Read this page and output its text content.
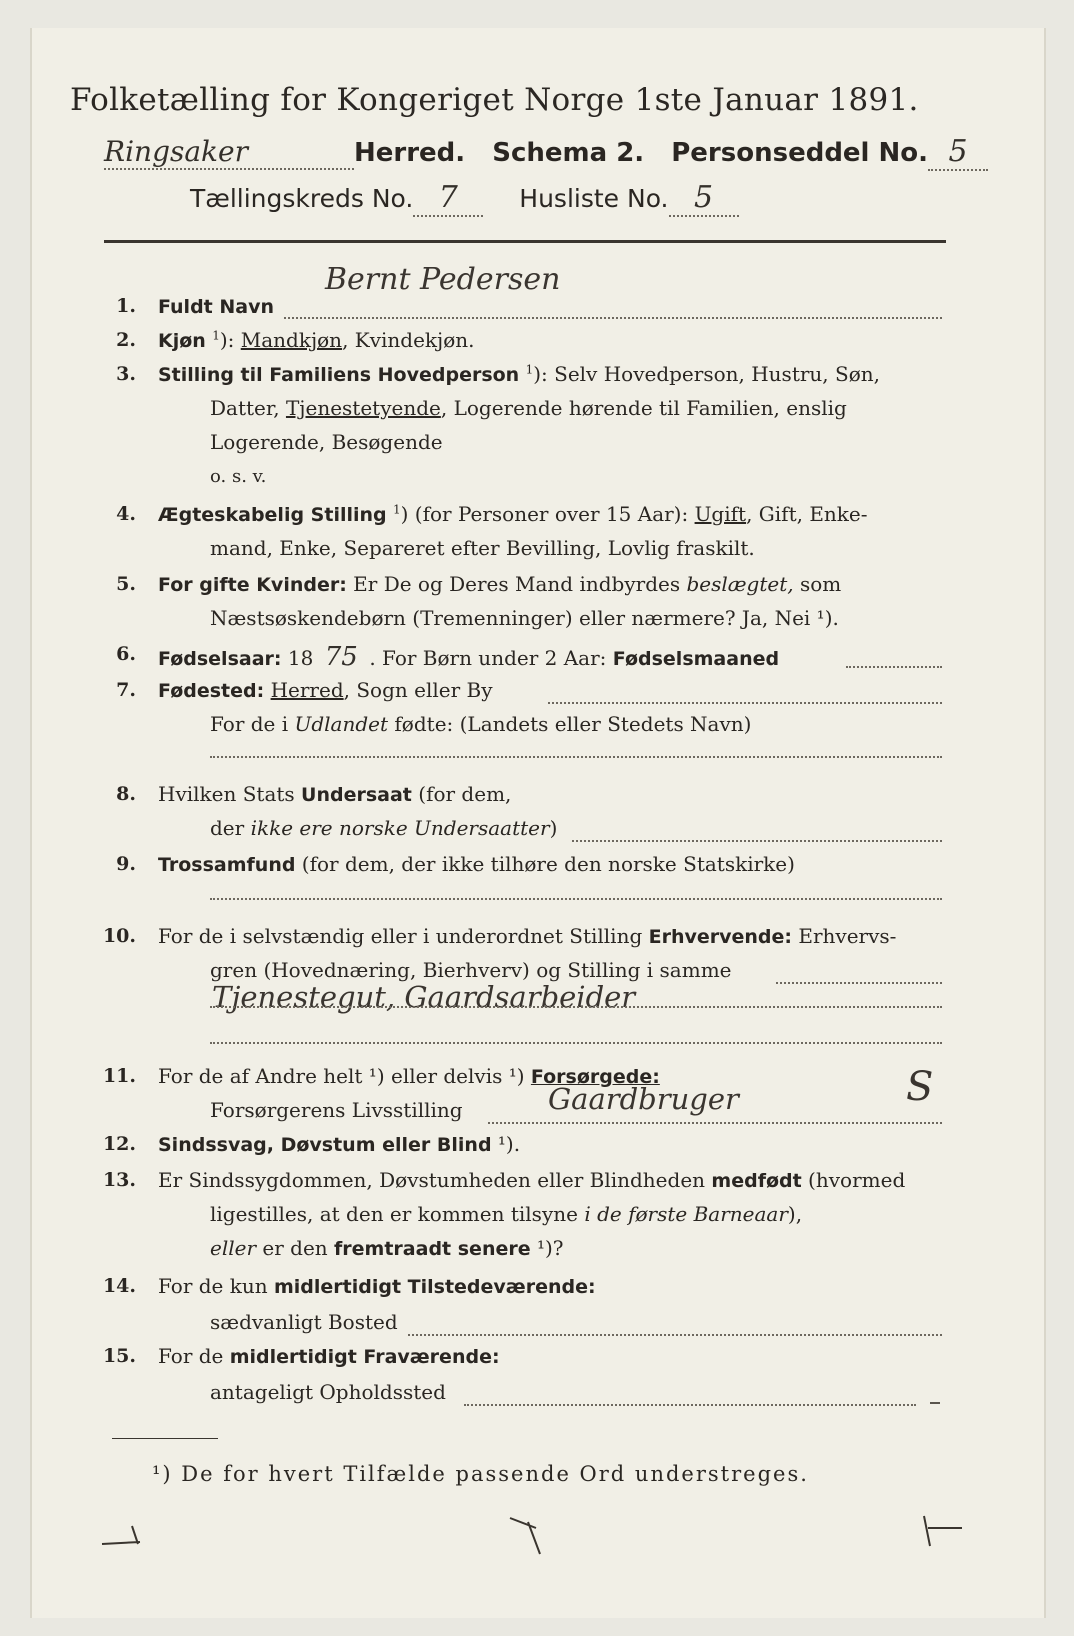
Folketælling for Kongeriget Norge 1ste Januar 1891.
Ringsaker	Herred. Schema 2. Personseddel No. 5
Tællingskreds No. 7 Husliste No. 5
1. Fuldt Navn
Bernt Pedersen
2. Kjøn $^1$): Mandkjøn, Kvindekjøn.
3. Stilling til Familiens Hovedperson $^1$): Selv Hovedperson, Hustru, Søn,
Datter, Tjenestetyende, Logerende hørende til Familien, enslig
Logerende, Besøgende
o. s. v.
4. Ægteskabelig Stilling $^1$) (for Personer over 15 Aar): Ugift, Gift, Enke-
mand, Enke, Separeret efter Bevilling, Lovlig fraskilt.
5. For gifte Kvinder: Er De og Deres Mand indbyrdes beslægtet, som
Næstsøskendebørn (Tremenninger) eller nærmere? Ja, Nei ¹).
6. Fødselsaar: 18 75 . For Børn under 2 Aar: Fødselsmaaned
7. Fødested: Herred, Sogn eller By
For de i Udlandet fødte: (Landets eller Stedets Navn)
8. Hvilken Stats Undersaat (for dem,
der ikke ere norske Undersaatter)
9. Trossamfund (for dem, der ikke tilhøre den norske Statskirke)
10. For de i selvstændig eller i underordnet Stilling Erhvervende: Erhvervs-
gren (Hovednæring, Bierhverv) og Stilling i samme
Tjenestegut, Gaardsarbeider
11. For de af Andre helt ¹) eller delvis ¹) Forsørgede:
Forsørgerens Livsstilling	Gaardbruger	S
12. Sindssvag, Døvstum eller Blind ¹).
13. Er Sindssygdommen, Døvstumheden eller Blindheden medfødt (hvormed
ligestilles, at den er kommen tilsyne i de første Barneaar),
eller er den fremtraadt senere ¹)?
14. For de kun midlertidigt Tilstedeværende:
sædvanligt Bosted
15. For de midlertidigt Fraværende:
antageligt Opholdssted
¹) De for hvert Tilfælde passende Ord understreges.
